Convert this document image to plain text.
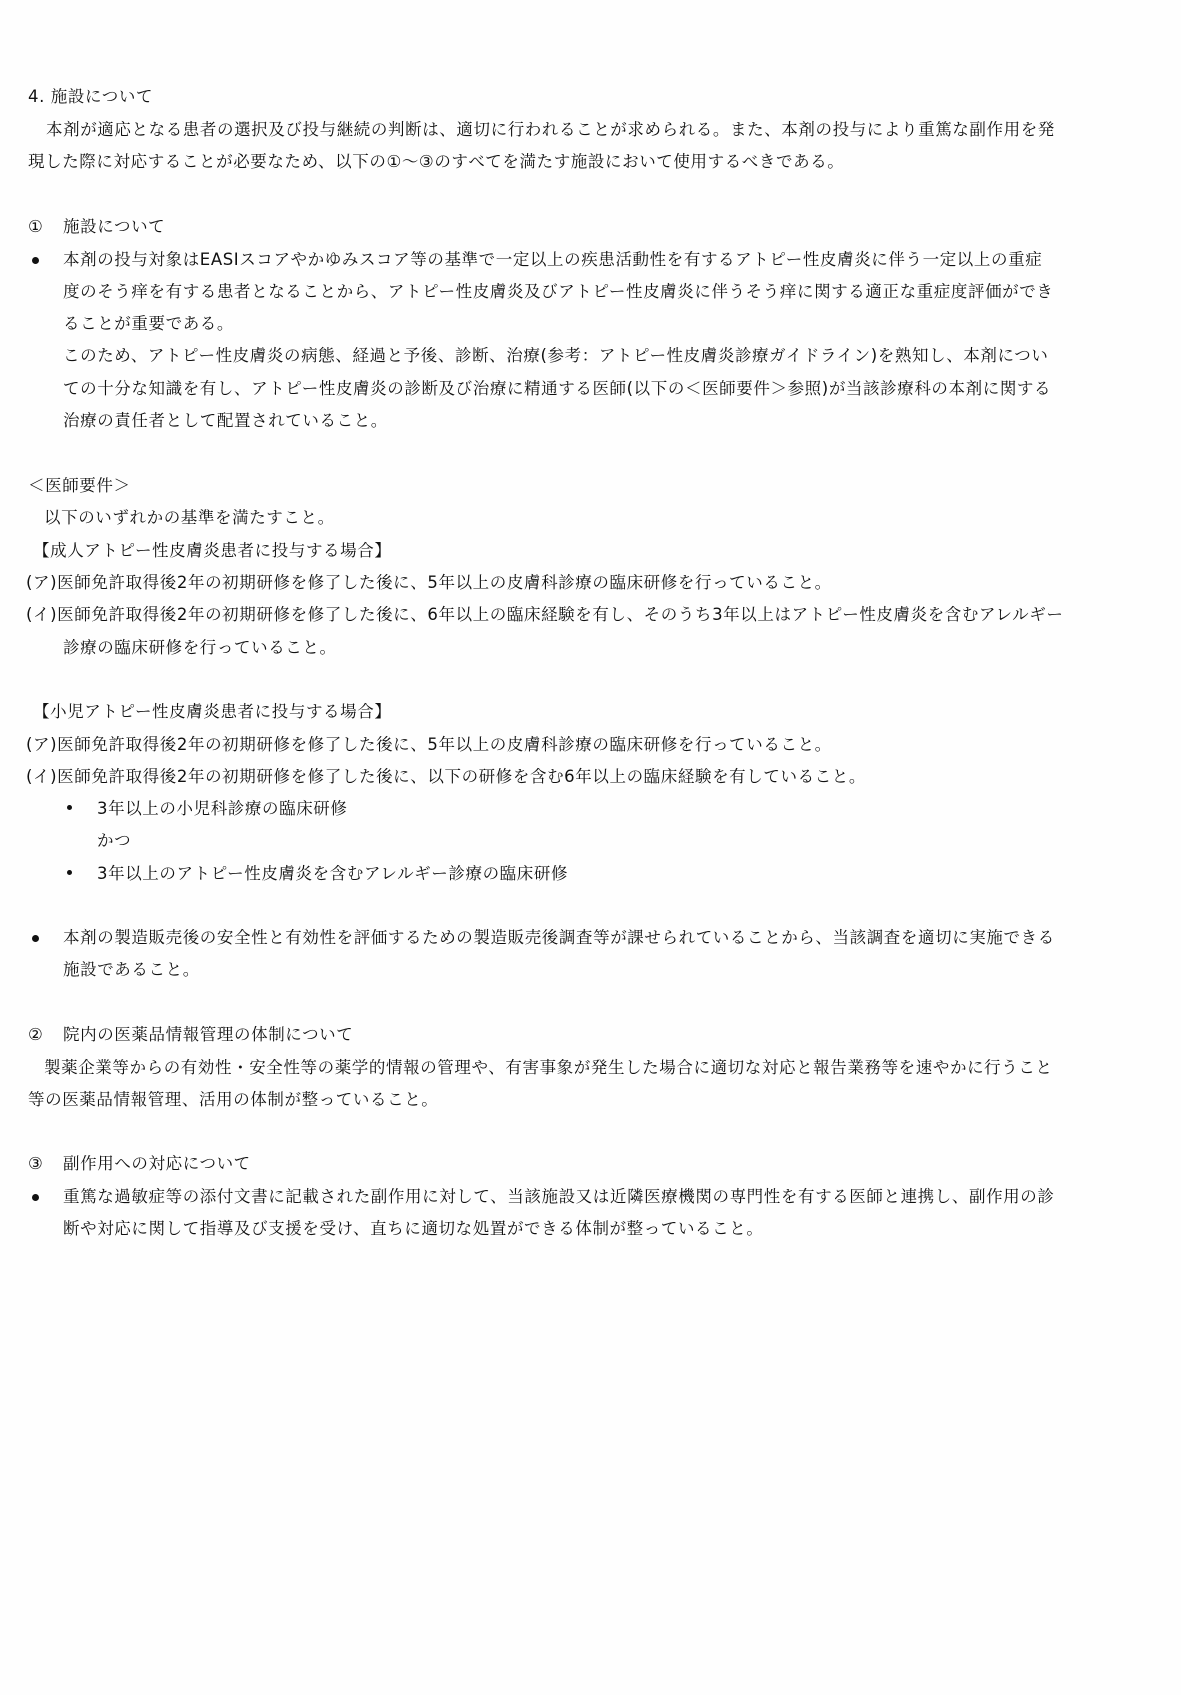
4. 施設について
本剤が適応となる患者の選択及び投与継続の判断は、適切に行われることが求められる。また、本剤の投与により重篤な副作用を発
現した際に対応することが必要なため、以下の①～③のすべてを満たす施設において使用するべきである。
① 施設について
本剤の投与対象はEASIスコアやかゆみスコア等の基準で一定以上の疾患活動性を有するアトピー性皮膚炎に伴う一定以上の重症
度のそう痒を有する患者となることから、アトピー性皮膚炎及びアトピー性皮膚炎に伴うそう痒に関する適正な重症度評価ができ
ることが重要である。
このため、アトピー性皮膚炎の病態、経過と予後、診断、治療(参考：アトピー性皮膚炎診療ガイドライン)を熟知し、本剤につい
ての十分な知識を有し、アトピー性皮膚炎の診断及び治療に精通する医師(以下の＜医師要件＞参照)が当該診療科の本剤に関する
治療の責任者として配置されていること。
＜医師要件＞
以下のいずれかの基準を満たすこと。
【成人アトピー性皮膚炎患者に投与する場合】
(ア)医師免許取得後2年の初期研修を修了した後に、5年以上の皮膚科診療の臨床研修を行っていること。
(イ)医師免許取得後2年の初期研修を修了した後に、6年以上の臨床経験を有し、そのうち3年以上はアトピー性皮膚炎を含むアレルギー
診療の臨床研修を行っていること。
【小児アトピー性皮膚炎患者に投与する場合】
(ア)医師免許取得後2年の初期研修を修了した後に、5年以上の皮膚科診療の臨床研修を行っていること。
(イ)医師免許取得後2年の初期研修を修了した後に、以下の研修を含む6年以上の臨床経験を有していること。
3年以上の小児科診療の臨床研修
かつ
3年以上のアトピー性皮膚炎を含むアレルギー診療の臨床研修
本剤の製造販売後の安全性と有効性を評価するための製造販売後調査等が課せられていることから、当該調査を適切に実施できる
施設であること。
② 院内の医薬品情報管理の体制について
製薬企業等からの有効性・安全性等の薬学的情報の管理や、有害事象が発生した場合に適切な対応と報告業務等を速やかに行うこと
等の医薬品情報管理、活用の体制が整っていること。
③ 副作用への対応について
重篤な過敏症等の添付文書に記載された副作用に対して、当該施設又は近隣医療機関の専門性を有する医師と連携し、副作用の診
断や対応に関して指導及び支援を受け、直ちに適切な処置ができる体制が整っていること。
